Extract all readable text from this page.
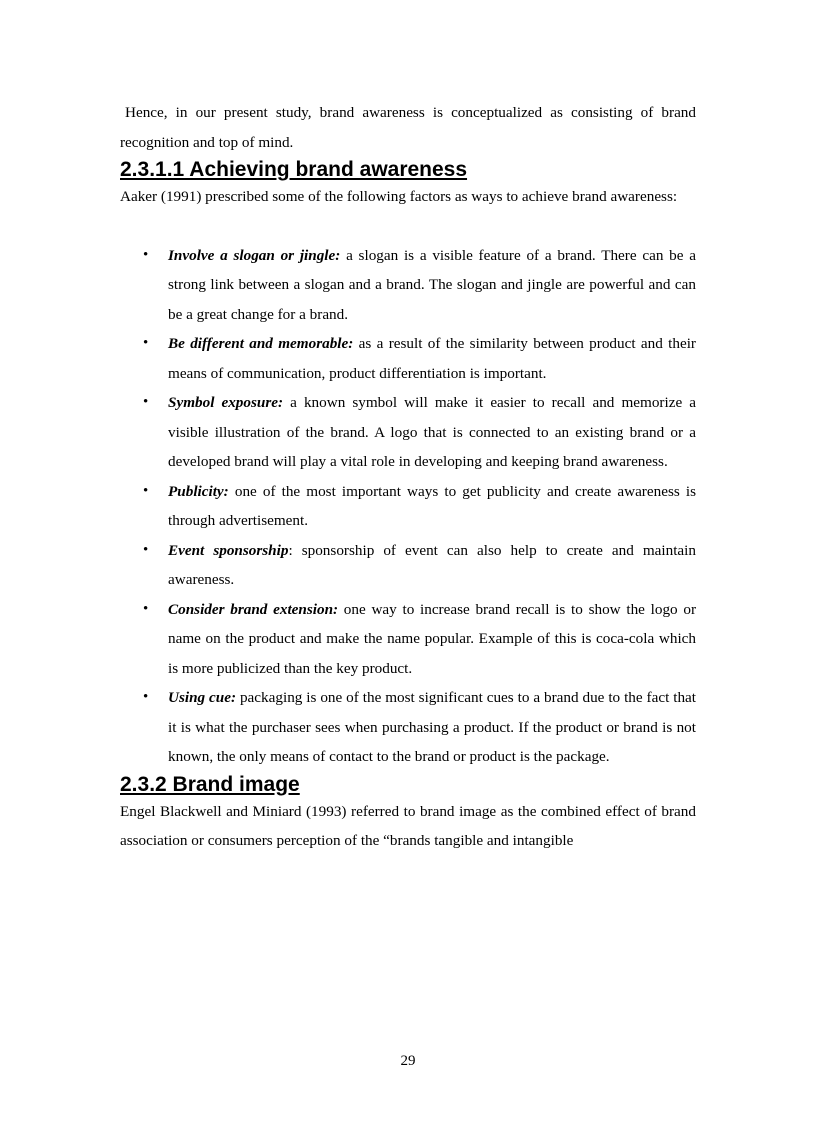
Hence, in our present study, brand awareness is conceptualized as consisting of brand recognition and top of mind.

2.3.1.1 Achieving brand awareness

Aaker (1991) prescribed some of the following factors as ways to achieve brand awareness:

• Involve a slogan or jingle: a slogan is a visible feature of a brand. There can be a strong link between a slogan and a brand. The slogan and jingle are powerful and can be a great change for a brand.
• Be different and memorable: as a result of the similarity between product and their means of communication, product differentiation is important.
• Symbol exposure: a known symbol will make it easier to recall and memorize a visible illustration of the brand. A logo that is connected to an existing brand or a developed brand will play a vital role in developing and keeping brand awareness.
• Publicity: one of the most important ways to get publicity and create awareness is through advertisement.
• Event sponsorship: sponsorship of event can also help to create and maintain awareness.
• Consider brand extension: one way to increase brand recall is to show the logo or name on the product and make the name popular. Example of this is coca-cola which is more publicized than the key product.
• Using cue: packaging is one of the most significant cues to a brand due to the fact that it is what the purchaser sees when purchasing a product. If the product or brand is not known, the only means of contact to the brand or product is the package.
2.3.2 Brand image

Engel Blackwell and Miniard (1993) referred to brand image as the combined effect of brand association or consumers perception of the “brands tangible and intangible

29
